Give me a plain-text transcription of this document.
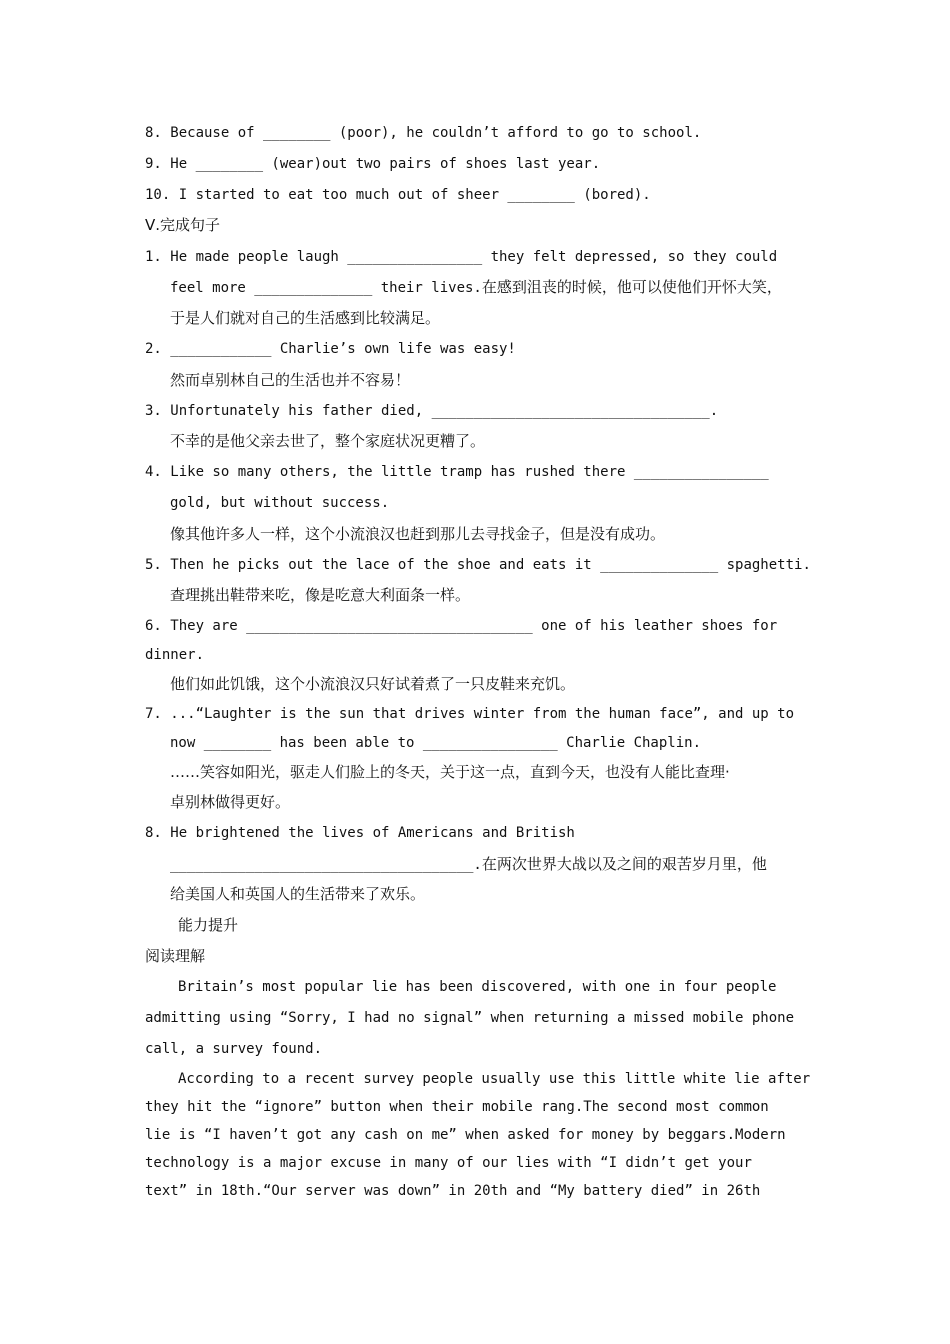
8. Because of ________ (poor), he couldn’t afford to go to school.
9. He ________ (wear)out two pairs of shoes last year.
10. I started to eat too much out of sheer ________ (bored).
Ⅴ.完成句子
1. He made people laugh ________________ they felt depressed, so they could
feel more ______________ their lives.在感到沮丧的时候，他可以使他们开怀大笑，
于是人们就对自己的生活感到比较满足。
2. ____________ Charlie’s own life was easy!
然而卓别林自己的生活也并不容易！
3. Unfortunately his father died, _________________________________.
不幸的是他父亲去世了，整个家庭状况更糟了。
4. Like so many others, the little tramp has rushed there ________________
gold, but without success.
像其他许多人一样，这个小流浪汉也赶到那儿去寻找金子，但是没有成功。
5. Then he picks out the lace of the shoe and eats it ______________ spaghetti.
查理挑出鞋带来吃，像是吃意大利面条一样。
6. They are __________________________________ one of his leather shoes for
dinner.
他们如此饥饿，这个小流浪汉只好试着煮了一只皮鞋来充饥。
7. ...“Laughter is the sun that drives winter from the human face”, and up to
now ________ has been able to ________________ Charlie Chaplin.
……笑容如阳光，驱走人们脸上的冬天，关于这一点，直到今天，也没有人能比查理·
卓别林做得更好。
8. He brightened the lives of Americans and British
____________________________________.在两次世界大战以及之间的艰苦岁月里，他
给美国人和英国人的生活带来了欢乐。
能力提升
阅读理解
Britain’s most popular lie has been discovered, with one in four people
admitting using “Sorry, I had no signal” when returning a missed mobile phone
call, a survey found.
According to a recent survey people usually use this little white lie after
they hit the “ignore” button when their mobile rang.The second most common
lie is “I haven’t got any cash on me” when asked for money by beggars.Modern
technology is a major excuse in many of our lies with “I didn’t get your
text” in 18th.“Our server was down” in 20th and “My battery died” in 26th
